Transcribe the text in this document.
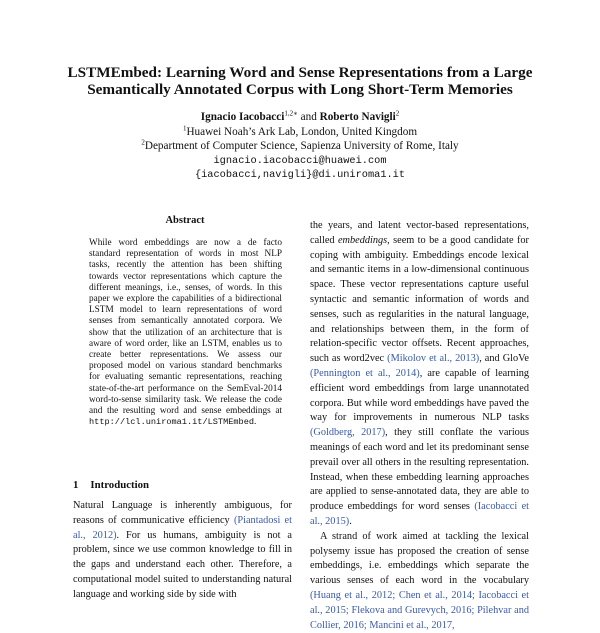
LSTMEmbed: Learning Word and Sense Representations from a Large Semantically Annotated Corpus with Long Short-Term Memories
Ignacio Iacobacci$^{1,2∗}$ and Roberto Navigli$^2$
$^1$Huawei Noah’s Ark Lab, London, United Kingdom
$^2$Department of Computer Science, Sapienza University of Rome, Italy
ignacio.iacobacci@huawei.com
{iacobacci,navigli}@di.uniroma1.it
Abstract
While word embeddings are now a de facto standard representation of words in most NLP tasks, recently the attention has been shifting towards vector representations which capture the different meanings, i.e., senses, of words. In this paper we explore the capabilities of a bidirectional LSTM model to learn representations of word senses from semantically annotated corpora. We show that the utilization of an architecture that is aware of word order, like an LSTM, enables us to create better representations. We assess our proposed model on various standard benchmarks for evaluating semantic representations, reaching state-of-the-art performance on the SemEval-2014 word-to-sense similarity task. We release the code and the resulting word and sense embeddings at http://lcl.uniroma1.it/LSTMEmbed.
1 Introduction

Natural Language is inherently ambiguous, for reasons of communicative efficiency (Piantadosi et al., 2012). For us humans, ambiguity is not a problem, since we use common knowledge to fill in the gaps and understand each other. Therefore, a computational model suited to understanding natural language and working side by side with

the years, and latent vector-based representations, called embeddings, seem to be a good candidate for coping with ambiguity. Embeddings encode lexical and semantic items in a low-dimensional continuous space. These vector representations capture useful syntactic and semantic information of words and senses, such as regularities in the natural language, and relationships between them, in the form of relation-specific vector offsets. Recent approaches, such as word2vec (Mikolov et al., 2013), and GloVe (Pennington et al., 2014), are capable of learning efficient word embeddings from large unannotated corpora. But while word embeddings have paved the way for improvements in numerous NLP tasks (Goldberg, 2017), they still conflate the various meanings of each word and let its predominant sense prevail over all others in the resulting representation. Instead, when these embedding learning approaches are applied to sense-annotated data, they are able to produce embeddings for word senses (Iacobacci et al., 2015).

A strand of work aimed at tackling the lexical polysemy issue has proposed the creation of sense embeddings, i.e. embeddings which separate the various senses of each word in the vocabulary (Huang et al., 2012; Chen et al., 2014; Iacobacci et al., 2015; Flekova and Gurevych, 2016; Pilehvar and Collier, 2016; Mancini et al., 2017,
